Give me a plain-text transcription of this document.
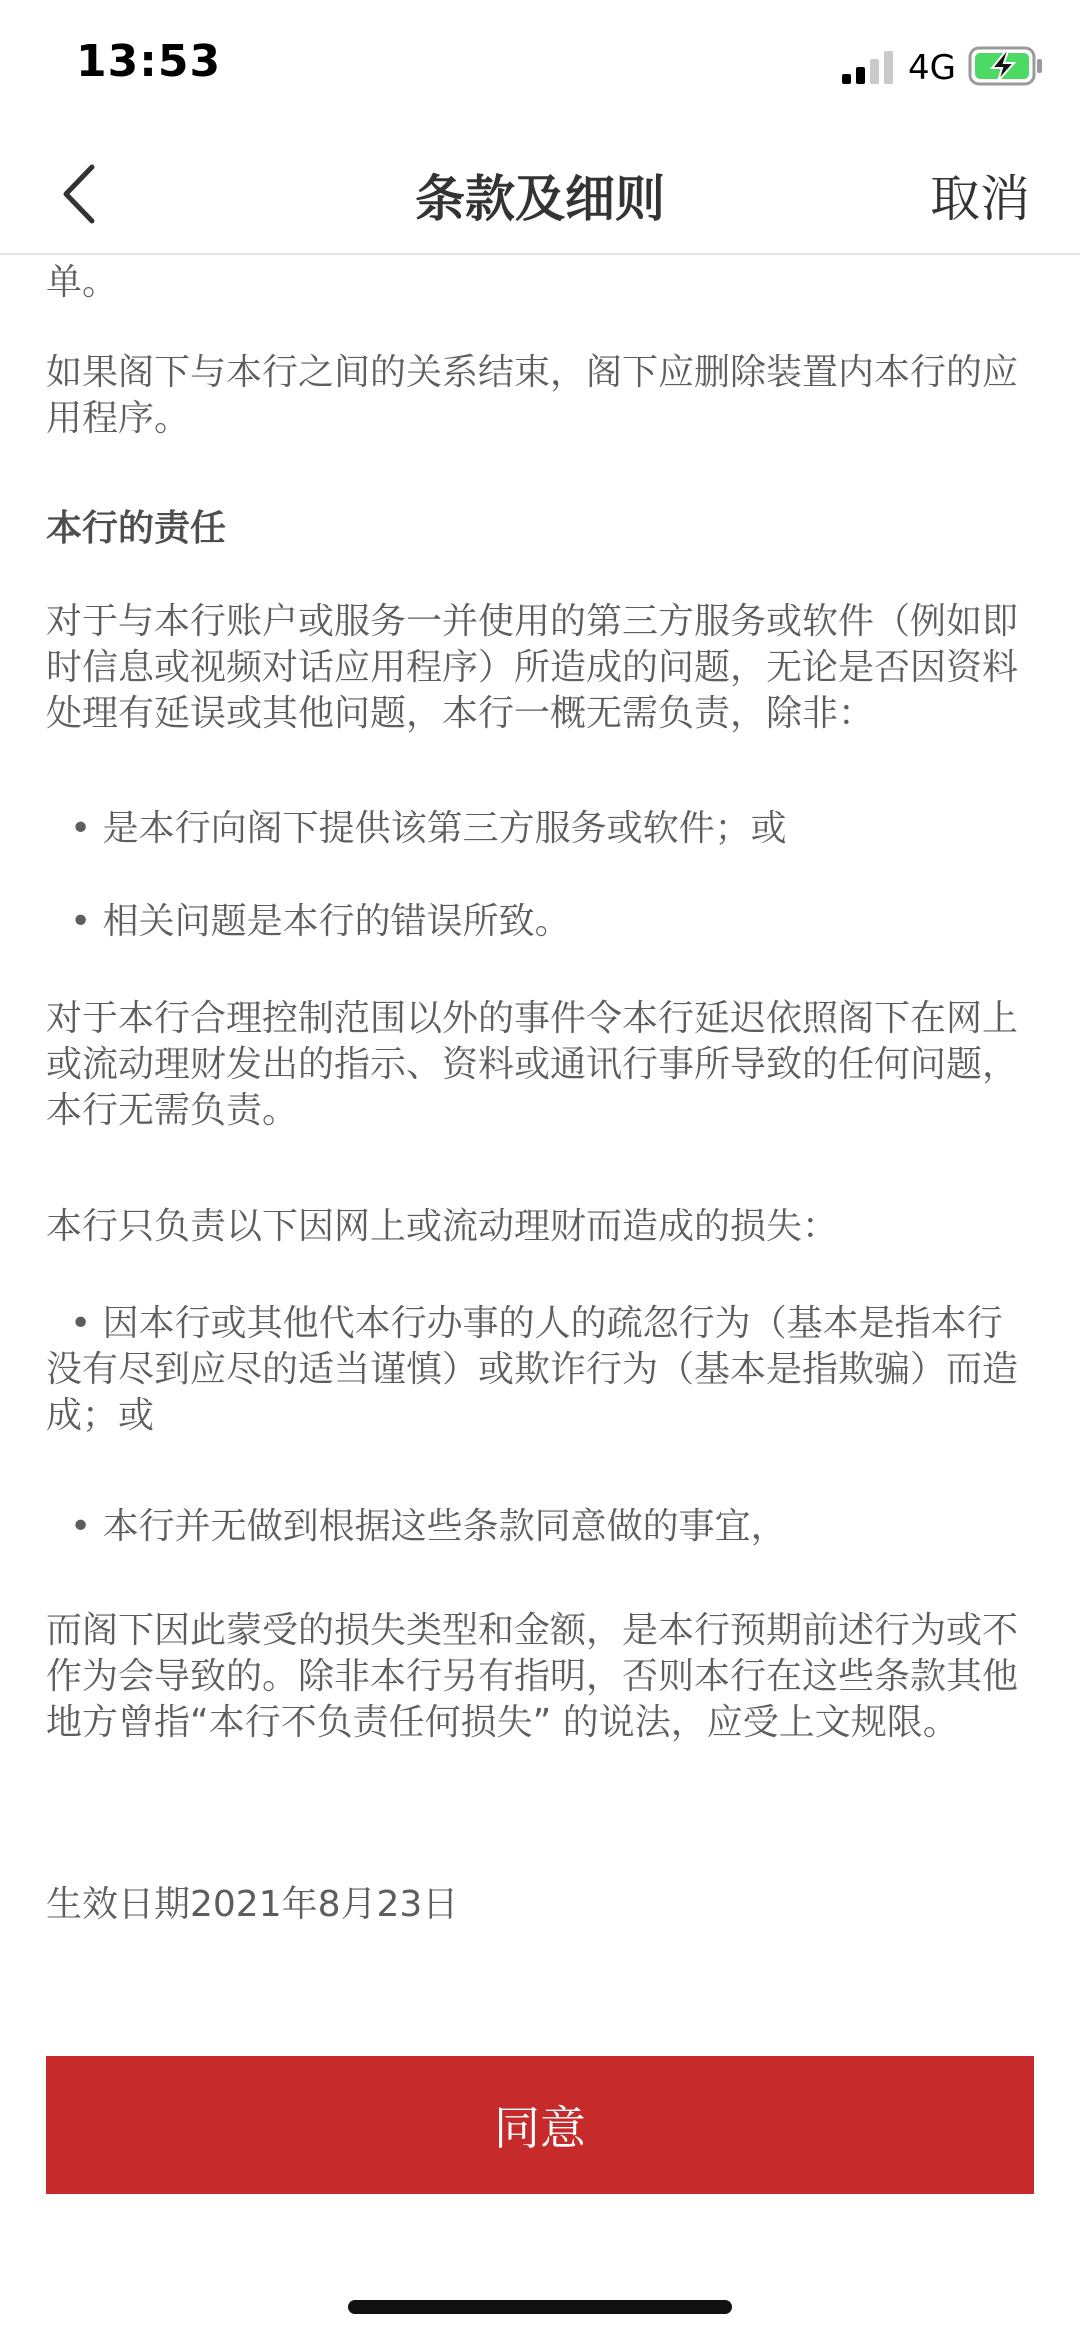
13:53	4G
条款及细则	取消

单。

如果阁下与本行之间的关系结束，阁下应删除装置内本行的应用程序。

本行的责任

对于与本行账户或服务一并使用的第三方服务或软件（例如即时信息或视频对话应用程序）所造成的问题，无论是否因资料处理有延误或其他问题，本行一概无需负责，除非：

• 是本行向阁下提供该第三方服务或软件；或

• 相关问题是本行的错误所致。

对于本行合理控制范围以外的事件令本行延迟依照阁下在网上或流动理财发出的指示、资料或通讯行事所导致的任何问题，本行无需负责。

本行只负责以下因网上或流动理财而造成的损失：

• 因本行或其他代本行办事的人的疏忽行为（基本是指本行没有尽到应尽的适当谨慎）或欺诈行为（基本是指欺骗）而造成；或

• 本行并无做到根据这些条款同意做的事宜，

而阁下因此蒙受的损失类型和金额，是本行预期前述行为或不作为会导致的。除非本行另有指明，否则本行在这些条款其他地方曾指“本行不负责任何损失” 的说法，应受上文规限。

生效日期2021年8月23日

同意
